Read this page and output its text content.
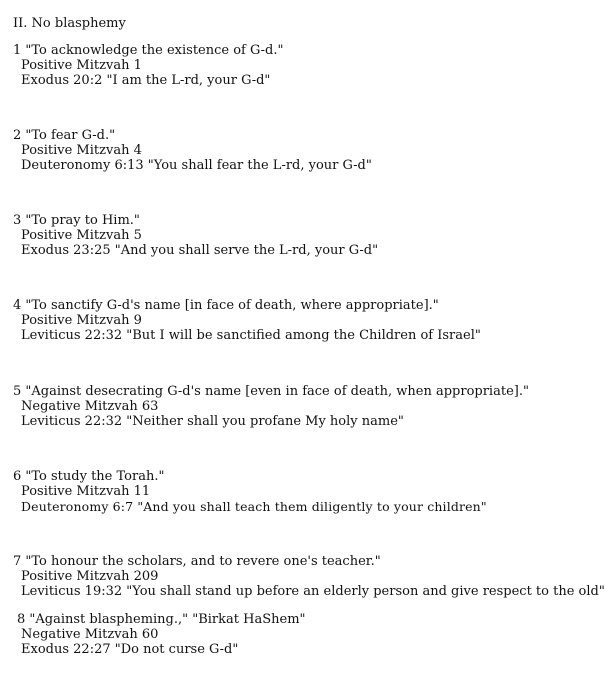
II. No blasphemy
1 "To acknowledge the existence of G-d."
Positive Mitzvah 1
Exodus 20:2 "I am the L-rd, your G-d"
2 "To fear G-d."
Positive Mitzvah 4
Deuteronomy 6:13 "You shall fear the L-rd, your G-d"
3 "To pray to Him."
Positive Mitzvah 5
Exodus 23:25 "And you shall serve the L-rd, your G-d"
4 "To sanctify G-d's name [in face of death, where appropriate]."
Positive Mitzvah 9
Leviticus 22:32 "But I will be sanctified among the Children of Israel"
5 "Against desecrating G-d's name [even in face of death, when appropriate]."
Negative Mitzvah 63
Leviticus 22:32 "Neither shall you profane My holy name"
6 "To study the Torah."
Positive Mitzvah 11
Deuteronomy 6:7 "And you shall teach them diligently to your children"
7 "To honour the scholars, and to revere one's teacher."
Positive Mitzvah 209
Leviticus 19:32 "You shall stand up before an elderly person and give respect to the old"
8 "Against blaspheming.," "Birkat HaShem"
Negative Mitzvah 60
Exodus 22:27 "Do not curse G-d"
